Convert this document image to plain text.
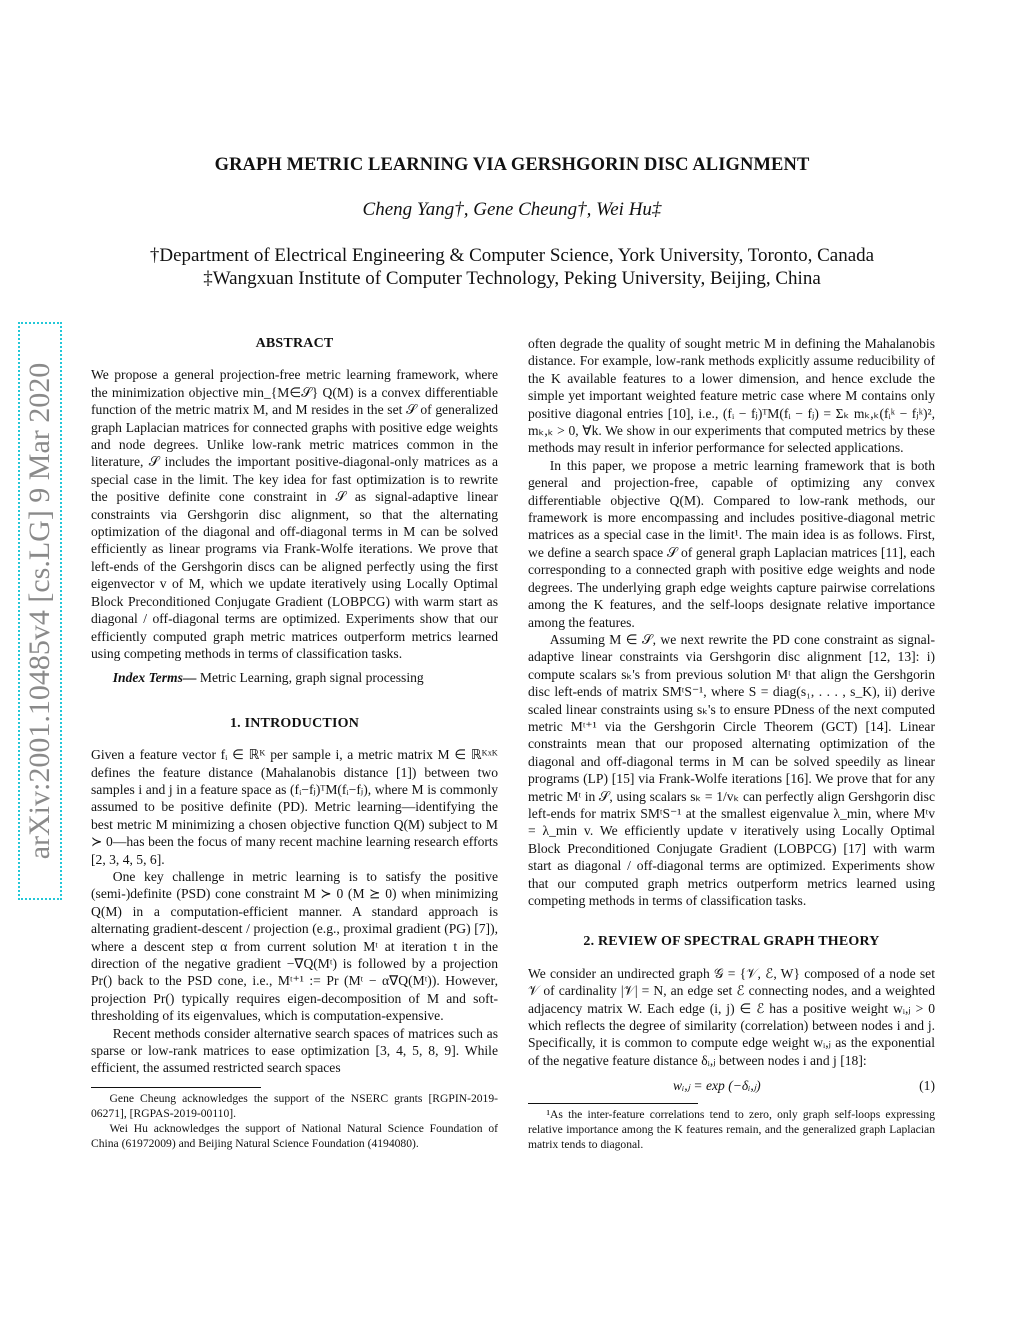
arXiv:2001.10485v4 [cs.LG] 9 Mar 2020
GRAPH METRIC LEARNING VIA GERSHGORIN DISC ALIGNMENT
Cheng Yang†, Gene Cheung†, Wei Hu‡
†Department of Electrical Engineering & Computer Science, York University, Toronto, Canada
‡Wangxuan Institute of Computer Technology, Peking University, Beijing, China
ABSTRACT

We propose a general projection-free metric learning framework, where the minimization objective min_{M∈𝒮} Q(M) is a convex differentiable function of the metric matrix M, and M resides in the set 𝒮 of generalized graph Laplacian matrices for connected graphs with positive edge weights and node degrees. Unlike low-rank metric matrices common in the literature, 𝒮 includes the important positive-diagonal-only matrices as a special case in the limit. The key idea for fast optimization is to rewrite the positive definite cone constraint in 𝒮 as signal-adaptive linear constraints via Gershgorin disc alignment, so that the alternating optimization of the diagonal and off-diagonal terms in M can be solved efficiently as linear programs via Frank-Wolfe iterations. We prove that left-ends of the Gershgorin discs can be aligned perfectly using the first eigenvector v of M, which we update iteratively using Locally Optimal Block Preconditioned Conjugate Gradient (LOBPCG) with warm start as diagonal / off-diagonal terms are optimized. Experiments show that our efficiently computed graph metric matrices outperform metrics learned using competing methods in terms of classification tasks.

Index Terms— Metric Learning, graph signal processing

1. INTRODUCTION

Given a feature vector fᵢ ∈ ℝᴷ per sample i, a metric matrix M ∈ ℝᴷˣᴷ defines the feature distance (Mahalanobis distance [1]) between two samples i and j in a feature space as (fᵢ−fⱼ)ᵀM(fᵢ−fⱼ), where M is commonly assumed to be positive definite (PD). Metric learning—identifying the best metric M minimizing a chosen objective function Q(M) subject to M ≻ 0—has been the focus of many recent machine learning research efforts [2, 3, 4, 5, 6].

One key challenge in metric learning is to satisfy the positive (semi-)definite (PSD) cone constraint M ≻ 0 (M ⪰ 0) when minimizing Q(M) in a computation-efficient manner. A standard approach is alternating gradient-descent / projection (e.g., proximal gradient (PG) [7]), where a descent step α from current solution Mᵗ at iteration t in the direction of the negative gradient −∇Q(Mᵗ) is followed by a projection Pr() back to the PSD cone, i.e., Mᵗ⁺¹ := Pr (Mᵗ − α∇Q(Mᵗ)). However, projection Pr() typically requires eigen-decomposition of M and soft-thresholding of its eigenvalues, which is computation-expensive.

Recent methods consider alternative search spaces of matrices such as sparse or low-rank matrices to ease optimization [3, 4, 5, 8, 9]. While efficient, the assumed restricted search spaces

Gene Cheung acknowledges the support of the NSERC grants [RGPIN-2019-06271], [RGPAS-2019-00110].

Wei Hu acknowledges the support of National Natural Science Foundation of China (61972009) and Beijing Natural Science Foundation (4194080).

often degrade the quality of sought metric M in defining the Mahalanobis distance. For example, low-rank methods explicitly assume reducibility of the K available features to a lower dimension, and hence exclude the simple yet important weighted feature metric case where M contains only positive diagonal entries [10], i.e., (fᵢ − fⱼ)ᵀM(fᵢ − fⱼ) = Σₖ mₖ,ₖ(fᵢᵏ − fⱼᵏ)², mₖ,ₖ > 0, ∀k. We show in our experiments that computed metrics by these methods may result in inferior performance for selected applications.

In this paper, we propose a metric learning framework that is both general and projection-free, capable of optimizing any convex differentiable objective Q(M). Compared to low-rank methods, our framework is more encompassing and includes positive-diagonal metric matrices as a special case in the limit¹. The main idea is as follows. First, we define a search space 𝒮 of general graph Laplacian matrices [11], each corresponding to a connected graph with positive edge weights and node degrees. The underlying graph edge weights capture pairwise correlations among the K features, and the self-loops designate relative importance among the features.

Assuming M ∈ 𝒮, we next rewrite the PD cone constraint as signal-adaptive linear constraints via Gershgorin disc alignment [12, 13]: i) compute scalars sₖ's from previous solution Mᵗ that align the Gershgorin disc left-ends of matrix SMᵗS⁻¹, where S = diag(s₁, . . . , s_K), ii) derive scaled linear constraints using sₖ's to ensure PDness of the next computed metric Mᵗ⁺¹ via the Gershgorin Circle Theorem (GCT) [14]. Linear constraints mean that our proposed alternating optimization of the diagonal and off-diagonal terms in M can be solved speedily as linear programs (LP) [15] via Frank-Wolfe iterations [16]. We prove that for any metric Mᵗ in 𝒮, using scalars sₖ = 1/vₖ can perfectly align Gershgorin disc left-ends for matrix SMᵗS⁻¹ at the smallest eigenvalue λ_min, where Mᵗv = λ_min v. We efficiently update v iteratively using Locally Optimal Block Preconditioned Conjugate Gradient (LOBPCG) [17] with warm start as diagonal / off-diagonal terms are optimized. Experiments show that our computed graph metrics outperform metrics learned using competing methods in terms of classification tasks.

2. REVIEW OF SPECTRAL GRAPH THEORY

We consider an undirected graph 𝒢 = {𝒱, ℰ, W} composed of a node set 𝒱 of cardinality |𝒱| = N, an edge set ℰ connecting nodes, and a weighted adjacency matrix W. Each edge (i, j) ∈ ℰ has a positive weight wᵢ,ⱼ > 0 which reflects the degree of similarity (correlation) between nodes i and j. Specifically, it is common to compute edge weight wᵢ,ⱼ as the exponential of the negative feature distance δᵢ,ⱼ between nodes i and j [18]:

wᵢ,ⱼ = exp (−δᵢ,ⱼ)	(1)

¹As the inter-feature correlations tend to zero, only graph self-loops expressing relative importance among the K features remain, and the generalized graph Laplacian matrix tends to diagonal.
